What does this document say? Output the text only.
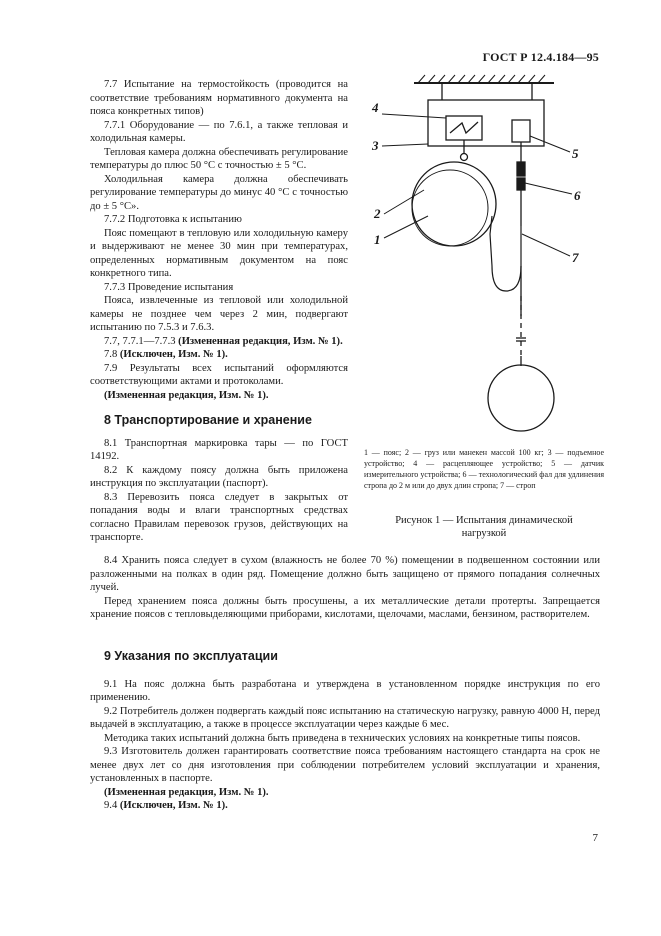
ГОСТ Р 12.4.184—95

7.7 Испытание на термостойкость (проводится на соответствие требованиям нормативного документа на пояса конкретных типов)

7.7.1 Оборудование — по 7.6.1, а также тепловая и холодильная камеры.

Тепловая камера должна обеспечивать регулирование температуры до плюс 50 °С с точностью ± 5 °С.

Холодильная камера должна обеспечивать регулирование температуры до минус 40 °С с точностью до ± 5 °С».

7.7.2 Подготовка к испытанию

Пояс помещают в тепловую или холодильную камеру и выдерживают не менее 30 мин при температурах, определенных нормативным документом на пояс конкретного типа.

7.7.3 Проведение испытания

Пояса, извлеченные из тепловой или холодильной камеры не позднее чем через 2 мин, подвергают испытанию по 7.5.3 и 7.6.3.

7.7, 7.7.1—7.7.3 (Измененная редакция, Изм. № 1).

7.8 (Исключен, Изм. № 1).

7.9 Результаты всех испытаний оформляются соответствующими актами и протоколами.

(Измененная редакция, Изм. № 1).

8 Транспортирование и хранение

8.1 Транспортная маркировка тары — по ГОСТ 14192.

8.2 К каждому поясу должна быть приложена инструкция по эксплуатации (паспорт).

8.3 Перевозить пояса следует в закрытых от попадания воды и влаги транспортных средствах согласно Правилам перевозок грузов, действующих на транспорте.

8.4 Хранить пояса следует в сухом (влажность не более 70 %) помещении в подвешенном состоянии или разложенными на полках в один ряд. Помещение должно быть защищено от прямого попадания солнечных лучей.

Перед хранением пояса должны быть просушены, а их металлические детали протерты. Запрещается хранение поясов с тепловыделяющими приборами, кислотами, щелочами, маслами, бензином, растворителем.

9 Указания по эксплуатации

9.1 На пояс должна быть разработана и утверждена в установленном порядке инструкция по его применению.

9.2 Потребитель должен подвергать каждый пояс испытанию на статическую нагрузку, равную 4000 Н, перед выдачей в эксплуатацию, а также в процессе эксплуатации через каждые 6 мес.

Методика таких испытаний должна быть приведена в технических условиях на конкретные типы поясов.

9.3 Изготовитель должен гарантировать соответствие пояса требованиям настоящего стандарта на срок не менее двух лет со дня изготовления при соблюдении потребителем условий эксплуатации и хранения, установленных в паспорте.

(Измененная редакция, Изм. № 1).

9.4 (Исключен, Изм. № 1).

4
3
2
1
5
6
7
1 — пояс; 2 — груз или манекен массой 100 кг; 3 — подъемное устройство; 4 — расцепляющее устройство; 5 — датчик измерительного устройства; 6 — технологический фал для удлинения стропа до 2 м или до двух длин стропа; 7 — строп
Рисунок 1 — Испытания динамической нагрузкой
7
